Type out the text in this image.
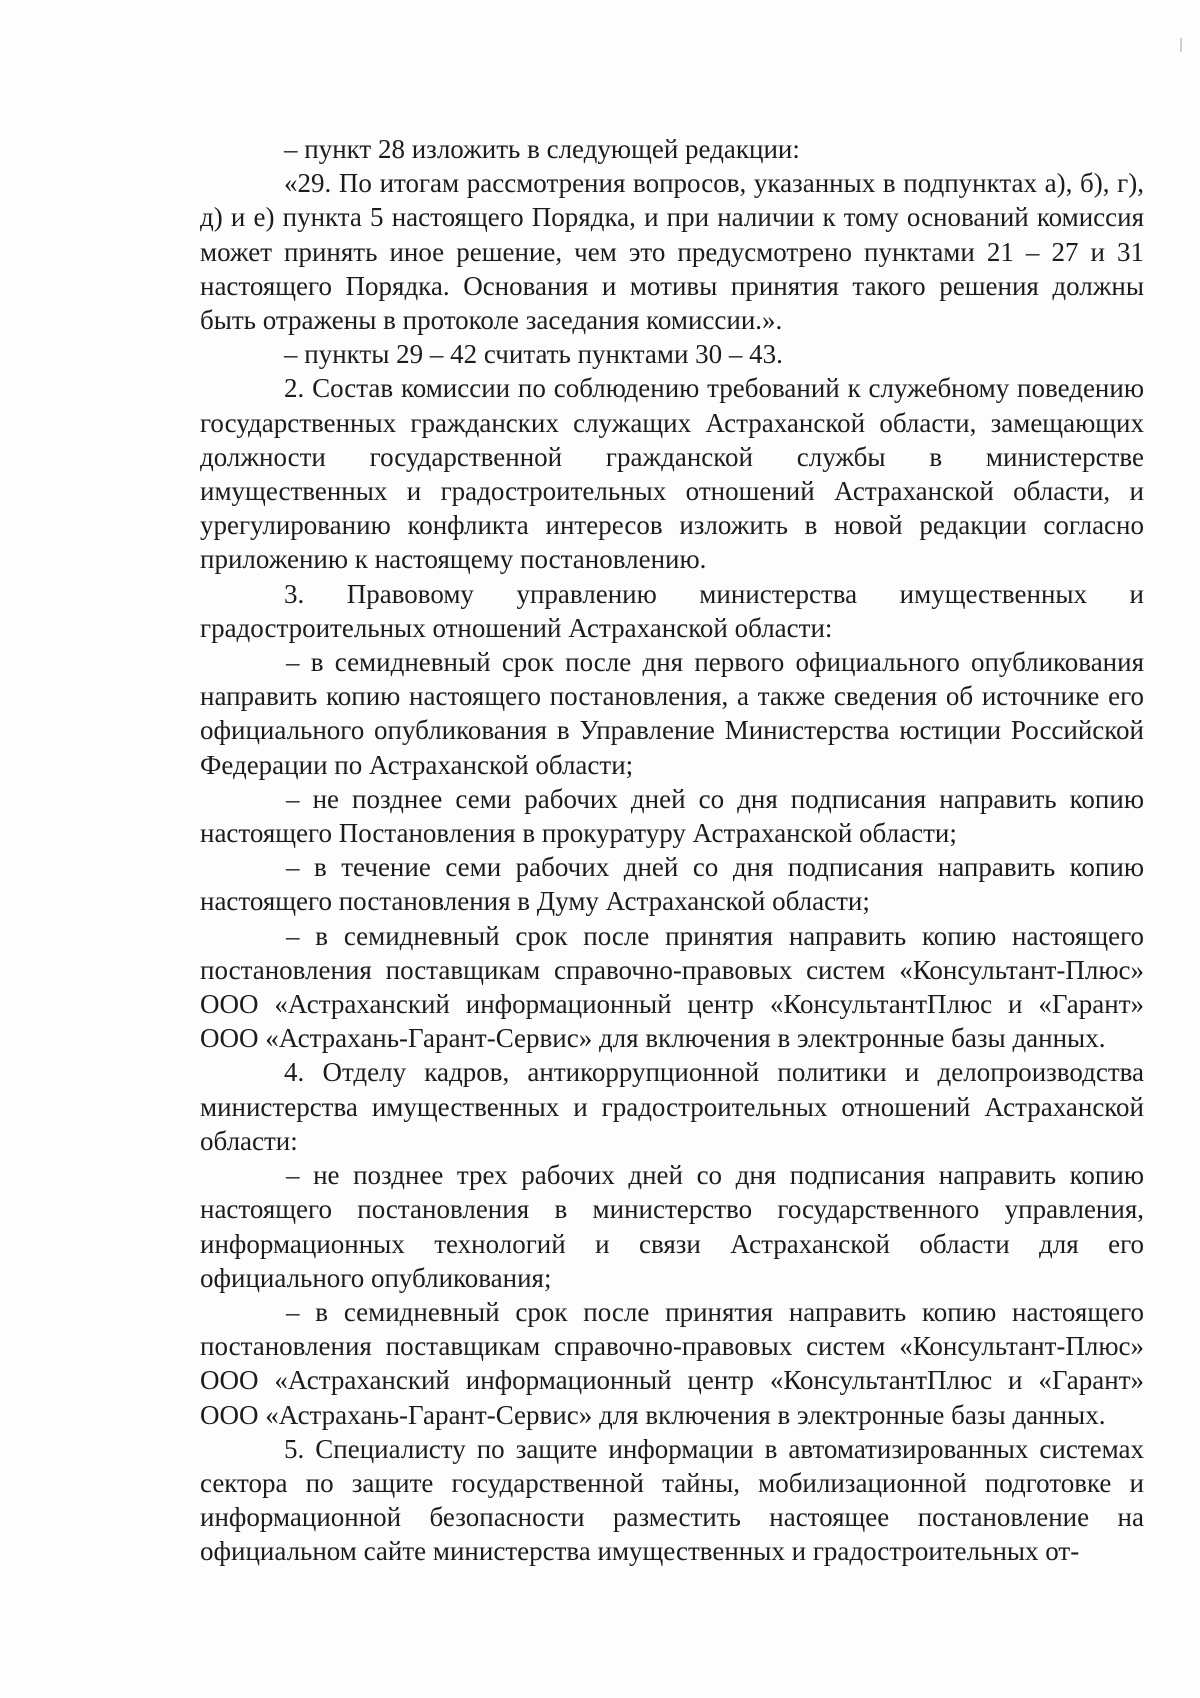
– пункт 28 изложить в следующей редакции:

«29. По итогам рассмотрения вопросов, указанных в подпунктах а), б), г), д) и е) пункта 5 настоящего Порядка, и при наличии к тому оснований комиссия может принять иное решение, чем это предусмотрено пунктами 21 – 27 и 31 настоящего Порядка. Основания и мотивы принятия такого решения должны быть отражены в протоколе заседания комиссии.».

– пункты 29 – 42 считать пунктами 30 – 43.

2. Состав комиссии по соблюдению требований к служебному поведению государственных гражданских служащих Астраханской области, замещающих должности государственной гражданской службы в министерстве имущественных и градостроительных отношений Астраханской области, и урегулированию конфликта интересов изложить в новой редакции согласно приложению к настоящему постановлению.

3. Правовому управлению министерства имущественных и градостроительных отношений Астраханской области:

– в семидневный срок после дня первого официального опубликования направить копию настоящего постановления, а также сведения об источнике его официального опубликования в Управление Министерства юстиции Российской Федерации по Астраханской области;

– не позднее семи рабочих дней со дня подписания направить копию настоящего Постановления в прокуратуру Астраханской области;

– в течение семи рабочих дней со дня подписания направить копию настоящего постановления в Думу Астраханской области;

– в семидневный срок после принятия направить копию настоящего постановления поставщикам справочно-правовых систем «Консультант-Плюс» ООО «Астраханский информационный центр «КонсультантПлюс и «Гарант» ООО «Астрахань-Гарант-Сервис» для включения в электронные базы данных.

4. Отделу кадров, антикоррупционной политики и делопроизводства министерства имущественных и градостроительных отношений Астраханской области:

– не позднее трех рабочих дней со дня подписания направить копию настоящего постановления в министерство государственного управления, информационных технологий и связи Астраханской области для его официального опубликования;

– в семидневный срок после принятия направить копию настоящего постановления поставщикам справочно-правовых систем «Консультант-Плюс» ООО «Астраханский информационный центр «КонсультантПлюс и «Гарант» ООО «Астрахань-Гарант-Сервис» для включения в электронные базы данных.

5. Специалисту по защите информации в автоматизированных системах сектора по защите государственной тайны, мобилизационной подготовке и информационной безопасности разместить настоящее постановление на официальном сайте министерства имущественных и градостроительных от-
